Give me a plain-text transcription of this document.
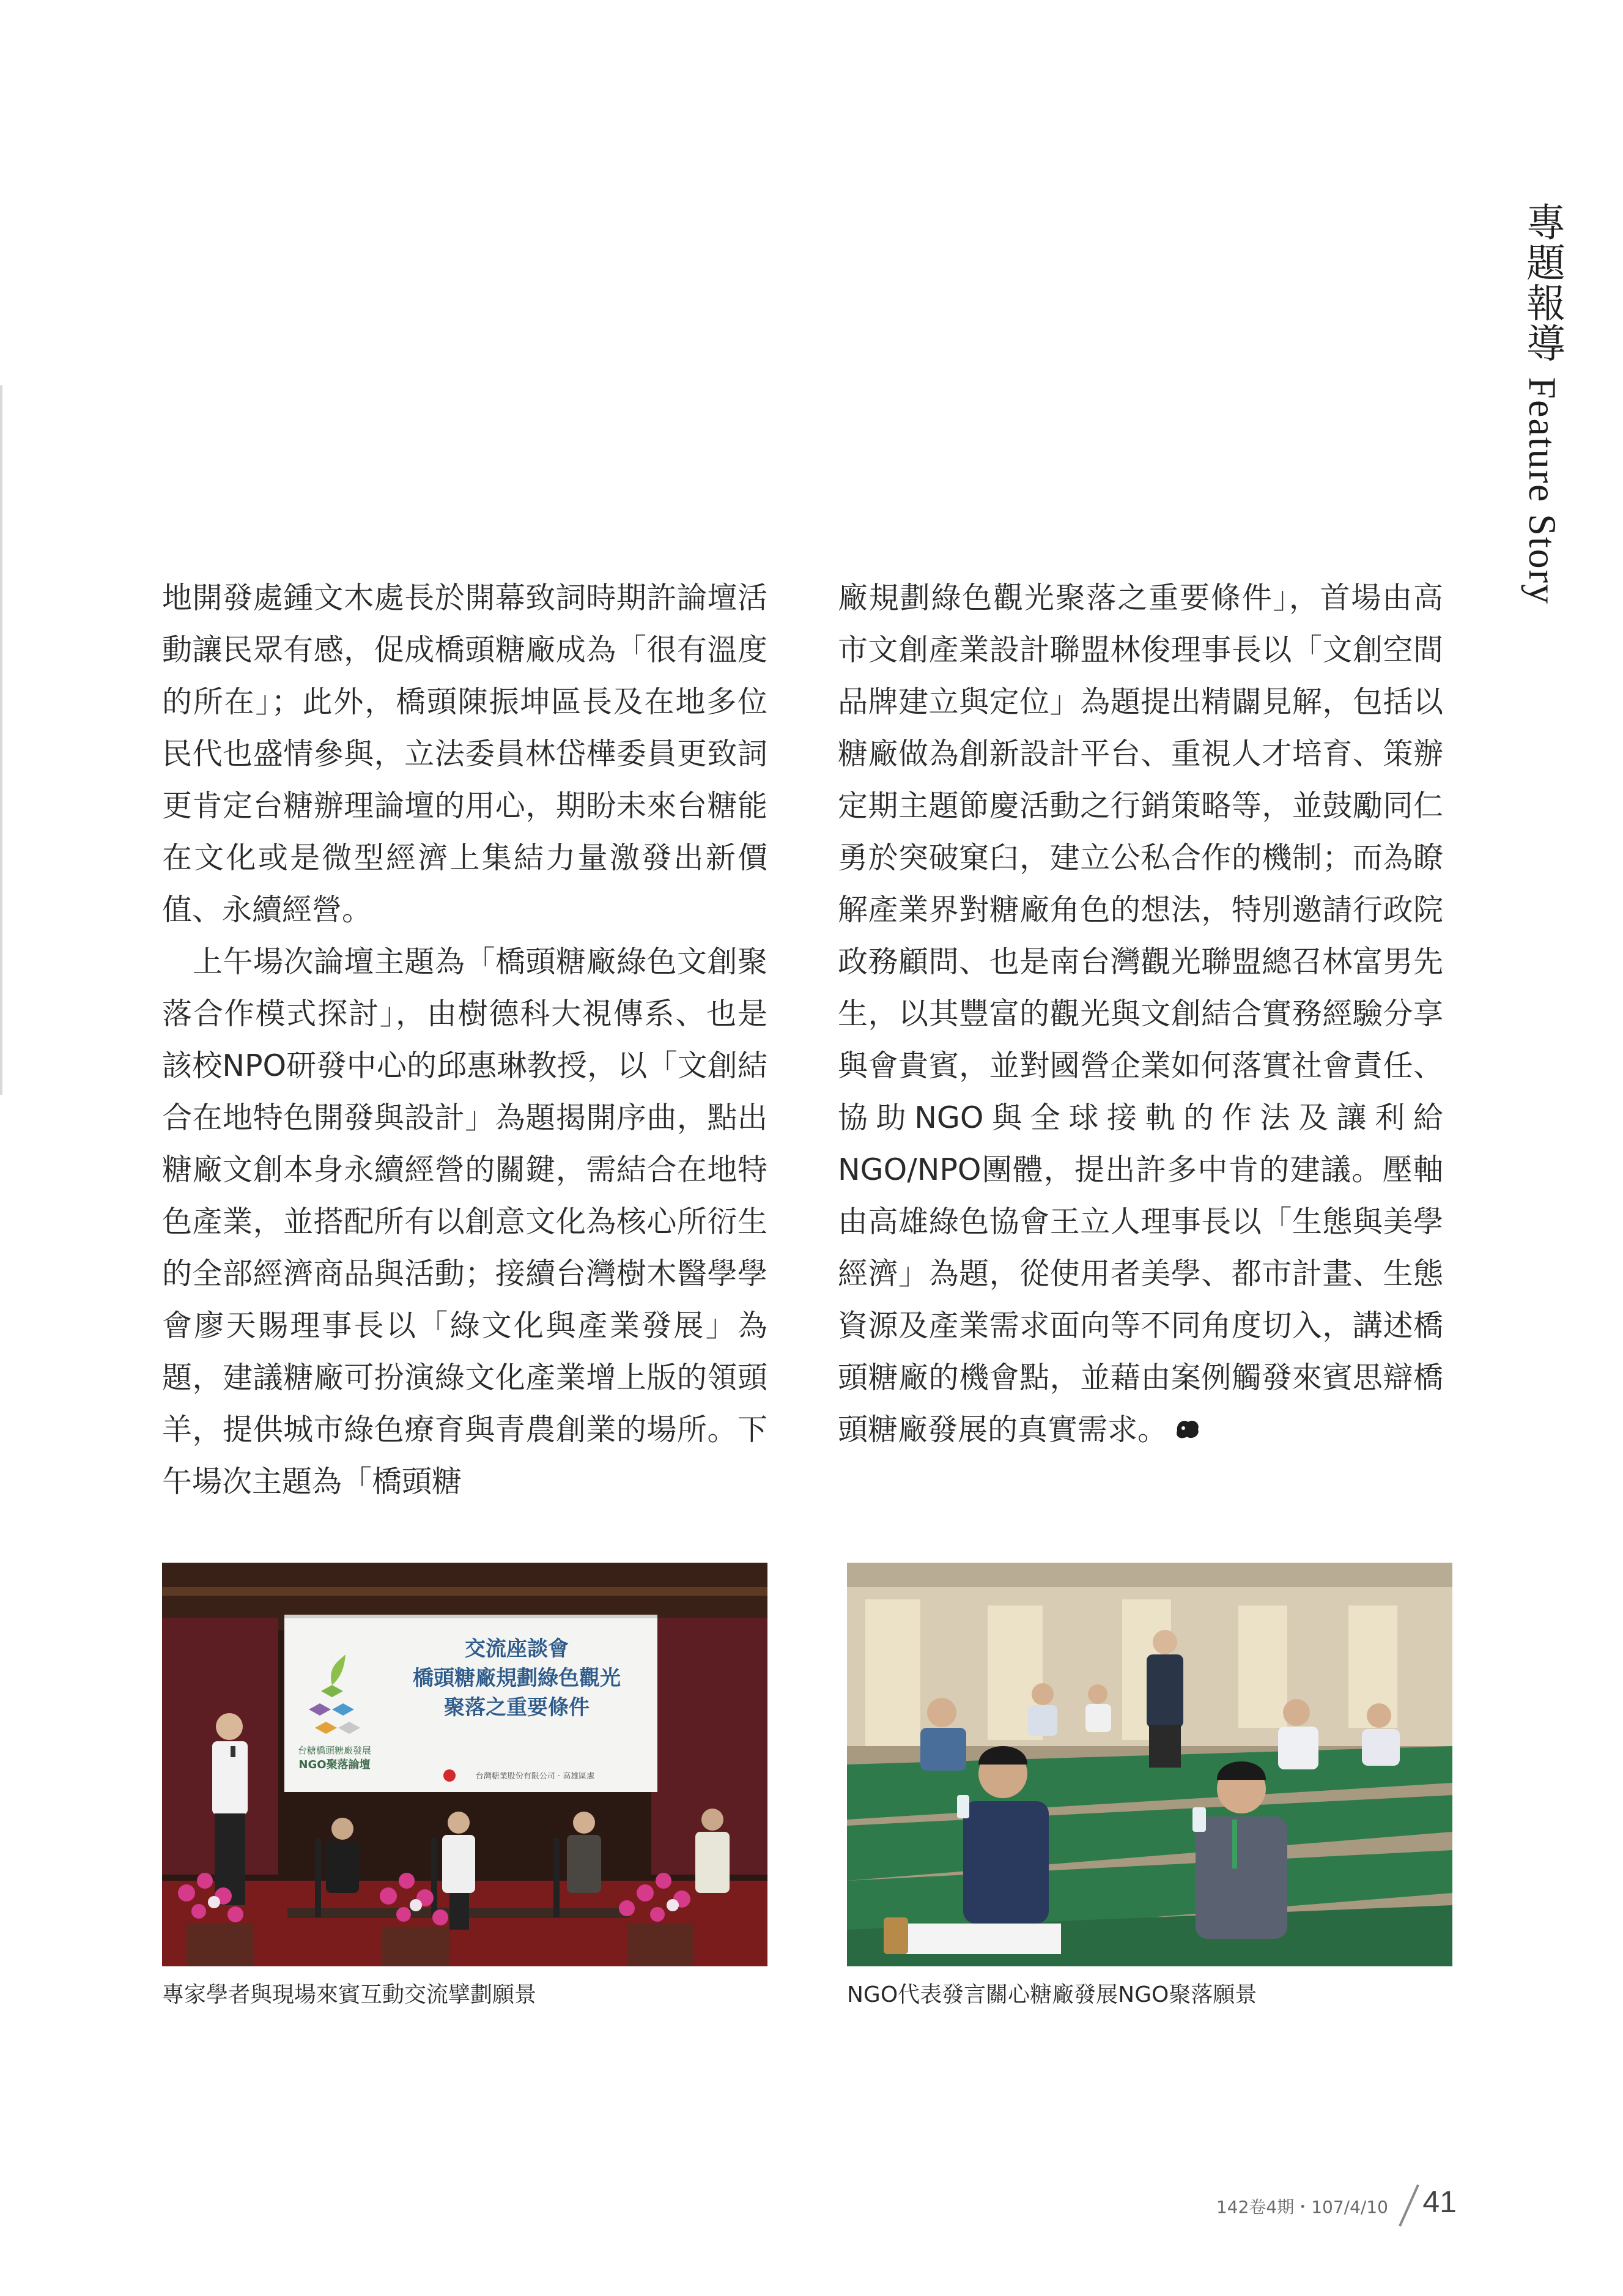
專題報導 Feature Story

地開發處鍾文木處長於開幕致詞時期許論壇活動讓民眾有感，促成橋頭糖廠成為「很有溫度的所在」；此外，橋頭陳振坤區長及在地多位民代也盛情參與，立法委員林岱樺委員更致詞更肯定台糖辦理論壇的用心，期盼未來台糖能在文化或是微型經濟上集結力量激發出新價值、永續經營。

上午場次論壇主題為「橋頭糖廠綠色文創聚落合作模式探討」，由樹德科大視傳系、也是該校NPO研發中心的邱惠琳教授，以「文創結合在地特色開發與設計」為題揭開序曲，點出糖廠文創本身永續經營的關鍵，需結合在地特色產業，並搭配所有以創意文化為核心所衍生的全部經濟商品與活動；接續台灣樹木醫學學會廖天賜理事長以「綠文化與產業發展」為題，建議糖廠可扮演綠文化產業增上版的領頭羊，提供城市綠色療育與青農創業的場所。下午場次主題為「橋頭糖

廠規劃綠色觀光聚落之重要條件」，首場由高市文創產業設計聯盟林俊理事長以「文創空間品牌建立與定位」為題提出精闢見解，包括以糖廠做為創新設計平台、重視人才培育、策辦定期主題節慶活動之行銷策略等，並鼓勵同仁勇於突破窠臼，建立公私合作的機制；而為瞭解產業界對糖廠角色的想法，特別邀請行政院政務顧問、也是南台灣觀光聯盟總召林富男先生，以其豐富的觀光與文創結合實務經驗分享與會貴賓，並對國營企業如何落實社會責任、協助NGO與全球接軌的作法及讓利給NGO/NPO團體，提出許多中肯的建議。壓軸由高雄綠色協會王立人理事長以「生態與美學經濟」為題，從使用者美學、都市計畫、生態資源及產業需求面向等不同角度切入，講述橋頭糖廠的機會點，並藉由案例觸發來賓思辯橋頭糖廠發展的真實需求。

交流座談會
橋頭糖廠規劃綠色觀光
聚落之重要條件
台糖橋頭糖廠發展
NGO聚落論壇
台灣糖業股份有限公司 · 高雄區處
專家學者與現場來賓互動交流擘劃願景	NGO代表發言關心糖廠發展NGO聚落願景
142卷4期・107/4/10 41
